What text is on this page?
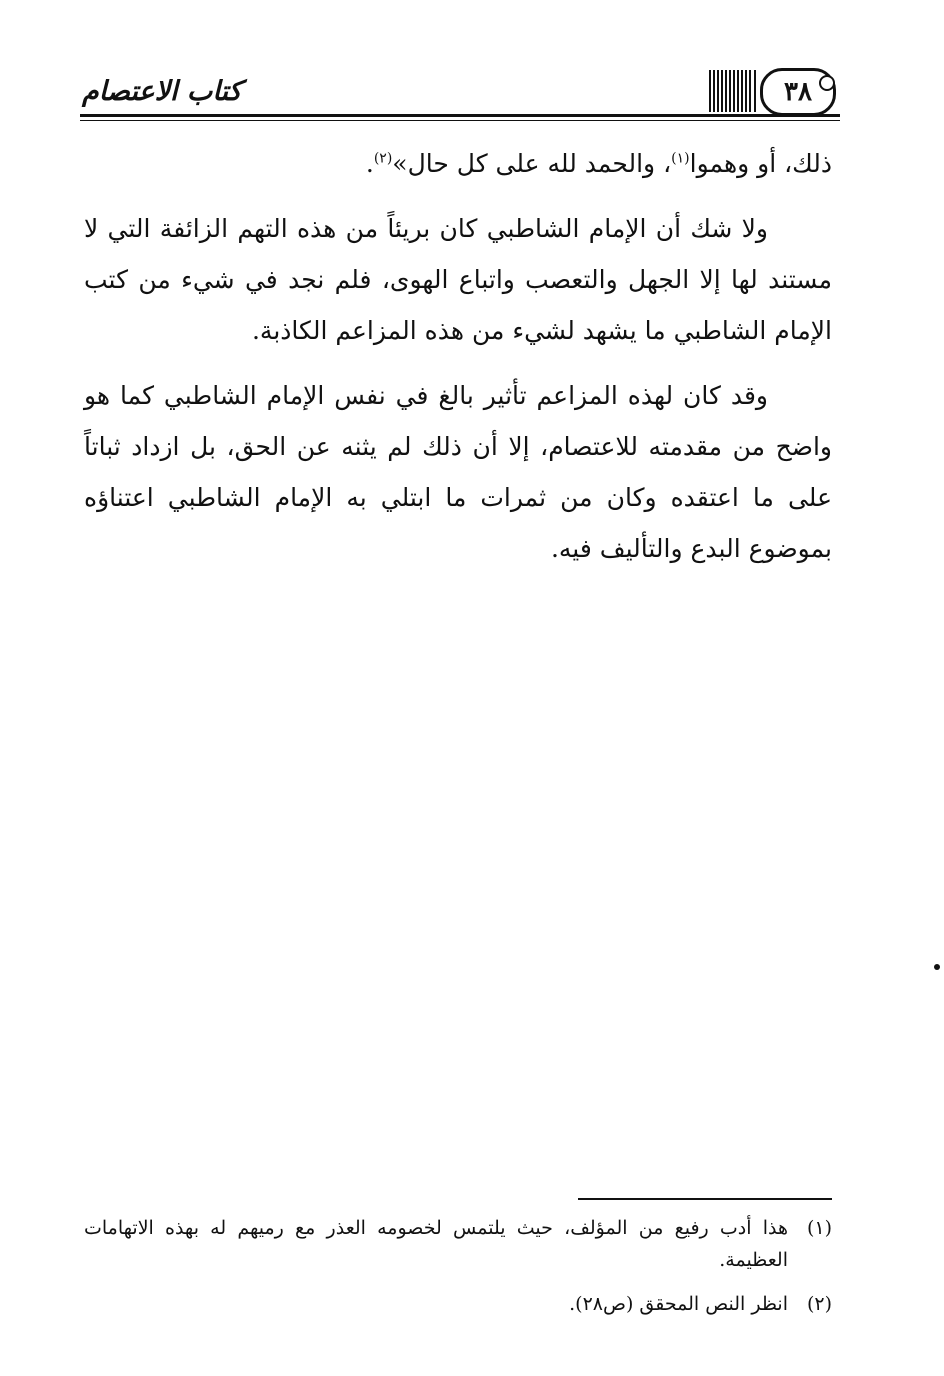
كتاب الاعتصام	٣٨

ذلك، أو وهموا$^{(١)}$، والحمد لله على كل حال»$^{(٢)}$.

ولا شك أن الإمام الشاطبي كان بريئاً من هذه التهم الزائفة التي لا مستند لها إلا الجهل والتعصب واتباع الهوى، فلم نجد في شيء من كتب الإمام الشاطبي ما يشهد لشيء من هذه المزاعم الكاذبة.

وقد كان لهذه المزاعم تأثير بالغ في نفس الإمام الشاطبي كما هو واضح من مقدمته للاعتصام، إلا أن ذلك لم يثنه عن الحق، بل ازداد ثباتاً على ما اعتقده وكان من ثمرات ما ابتلي به الإمام الشاطبي اعتناؤه بموضوع البدع والتأليف فيه.

(١)
هذا أدب رفيع من المؤلف، حيث يلتمس لخصومه العذر مع رميهم له بهذه الاتهامات العظيمة.
(٢)
انظر النص المحقق (ص٢٨).
